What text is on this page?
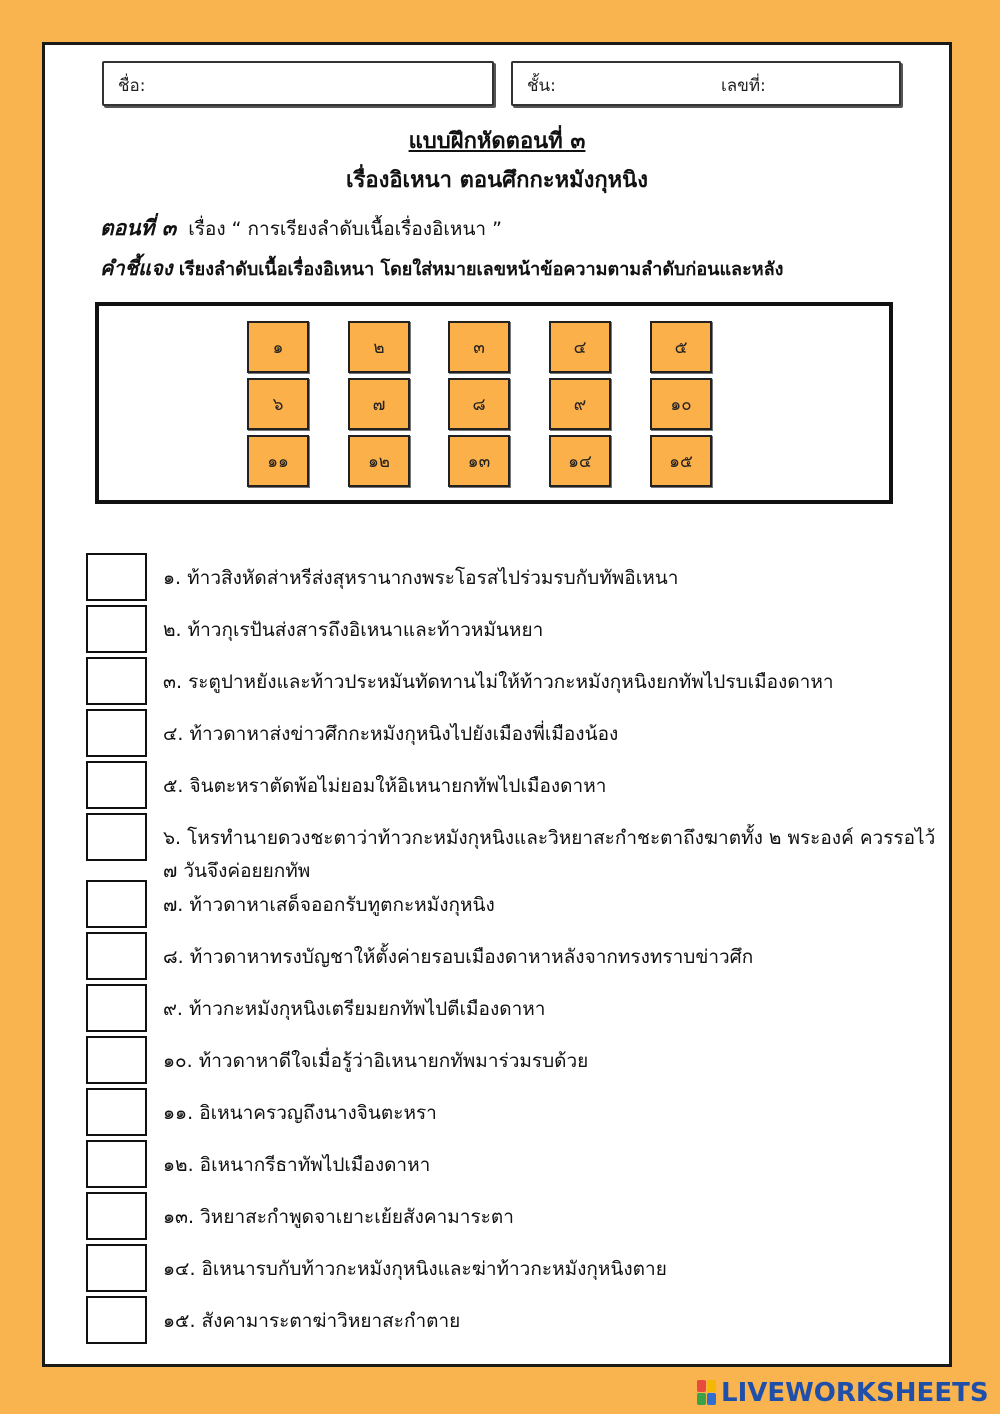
ชื่อ:	ชั้น:	เลขที่:
แบบฝึกหัดตอนที่ ๓
เรื่องอิเหนา ตอนศึกกะหมังกุหนิง
ตอนที่ ๓ เรื่อง “ การเรียงลำดับเนื้อเรื่องอิเหนา ”
คำชี้แจง เรียงลำดับเนื้อเรื่องอิเหนา โดยใส่หมายเลขหน้าข้อความตามลำดับก่อนและหลัง
๑	๒	๓	๔	๕
๖	๗	๘	๙	๑๐
๑๑	๑๒	๑๓	๑๔	๑๕
๑. ท้าวสิงหัดส่าหรีส่งสุหรานากงพระโอรสไปร่วมรบกับทัพอิเหนา
๒. ท้าวกุเรปันส่งสารถึงอิเหนาและท้าวหมันหยา
๓. ระตูปาหยังและท้าวประหมันทัดทานไม่ให้ท้าวกะหมังกุหนิงยกทัพไปรบเมืองดาหา
๔. ท้าวดาหาส่งข่าวศึกกะหมังกุหนิงไปยังเมืองพี่เมืองน้อง
๕. จินตะหราตัดพ้อไม่ยอมให้อิเหนายกทัพไปเมืองดาหา
๖. โหรทำนายดวงชะตาว่าท้าวกะหมังกุหนิงและวิหยาสะกำชะตาถึงฆาตทั้ง ๒ พระองค์ ควรรอไว้ ๗ วันจึงค่อยยกทัพ
๗. ท้าวดาหาเสด็จออกรับทูตกะหมังกุหนิง
๘. ท้าวดาหาทรงบัญชาให้ตั้งค่ายรอบเมืองดาหาหลังจากทรงทราบข่าวศึก
๙. ท้าวกะหมังกุหนิงเตรียมยกทัพไปตีเมืองดาหา
๑๐. ท้าวดาหาดีใจเมื่อรู้ว่าอิเหนายกทัพมาร่วมรบด้วย
๑๑. อิเหนาครวญถึงนางจินตะหรา
๑๒. อิเหนากรีธาทัพไปเมืองดาหา
๑๓. วิหยาสะกำพูดจาเยาะเย้ยสังคามาระตา
๑๔. อิเหนารบกับท้าวกะหมังกุหนิงและฆ่าท้าวกะหมังกุหนิงตาย
๑๕. สังคามาระตาฆ่าวิหยาสะกำตาย
LIVEWORKSHEETS
